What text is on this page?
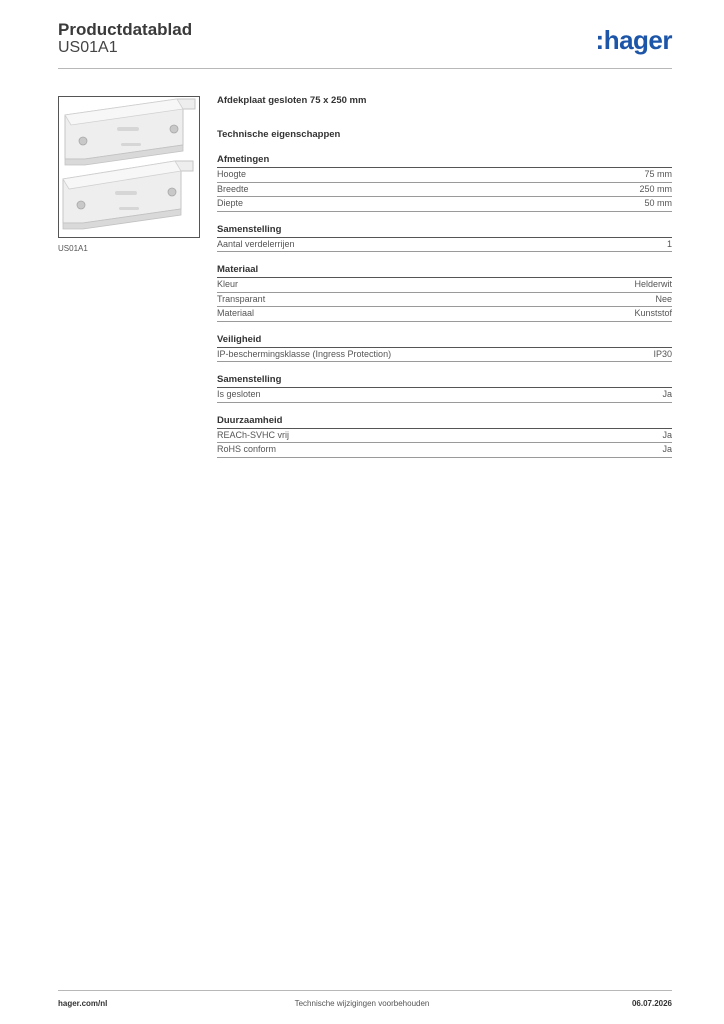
Productdatablad
US01A1	:hager
US01A1
Afdekplaat gesloten 75 x 250 mm
Technische eigenschappen
Afmetingen
Hoogte	75 mm
Breedte	250 mm
Diepte	50 mm
Samenstelling
Aantal verdelerrijen	1
Materiaal
Kleur	Helderwit
Transparant	Nee
Materiaal	Kunststof
Veiligheid
IP-beschermingsklasse (Ingress Protection)	IP30
Samenstelling
Is gesloten	Ja
Duurzaamheid
REACh-SVHC vrij	Ja
RoHS conform	Ja
hager.com/nl	Technische wijzigingen voorbehouden	06.07.2026
